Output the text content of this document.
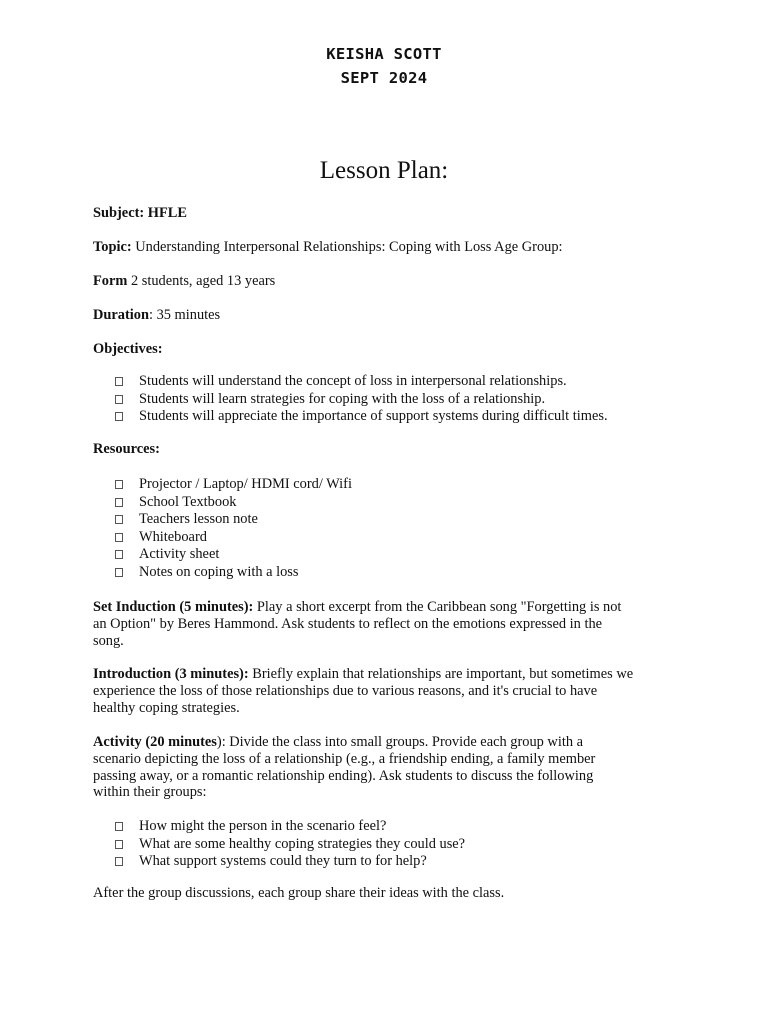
KEISHA SCOTT
SEPT 2024
Lesson Plan:
Subject: HFLE
Topic: Understanding Interpersonal Relationships: Coping with Loss Age Group:
Form 2 students, aged 13 years
Duration: 35 minutes
Objectives:
Students will understand the concept of loss in interpersonal relationships.
Students will learn strategies for coping with the loss of a relationship.
Students will appreciate the importance of support systems during difficult times.
Resources:
Projector / Laptop/ HDMI cord/ Wifi
School Textbook
Teachers lesson note
Whiteboard
Activity sheet
Notes on coping with a loss
Set Induction (5 minutes): Play a short excerpt from the Caribbean song "Forgetting is not
an Option" by Beres Hammond. Ask students to reflect on the emotions expressed in the
song.
Introduction (3 minutes): Briefly explain that relationships are important, but sometimes we
experience the loss of those relationships due to various reasons, and it's crucial to have
healthy coping strategies.
Activity (20 minutes): Divide the class into small groups. Provide each group with a
scenario depicting the loss of a relationship (e.g., a friendship ending, a family member
passing away, or a romantic relationship ending). Ask students to discuss the following
within their groups:
How might the person in the scenario feel?
What are some healthy coping strategies they could use?
What support systems could they turn to for help?
After the group discussions, each group share their ideas with the class.
